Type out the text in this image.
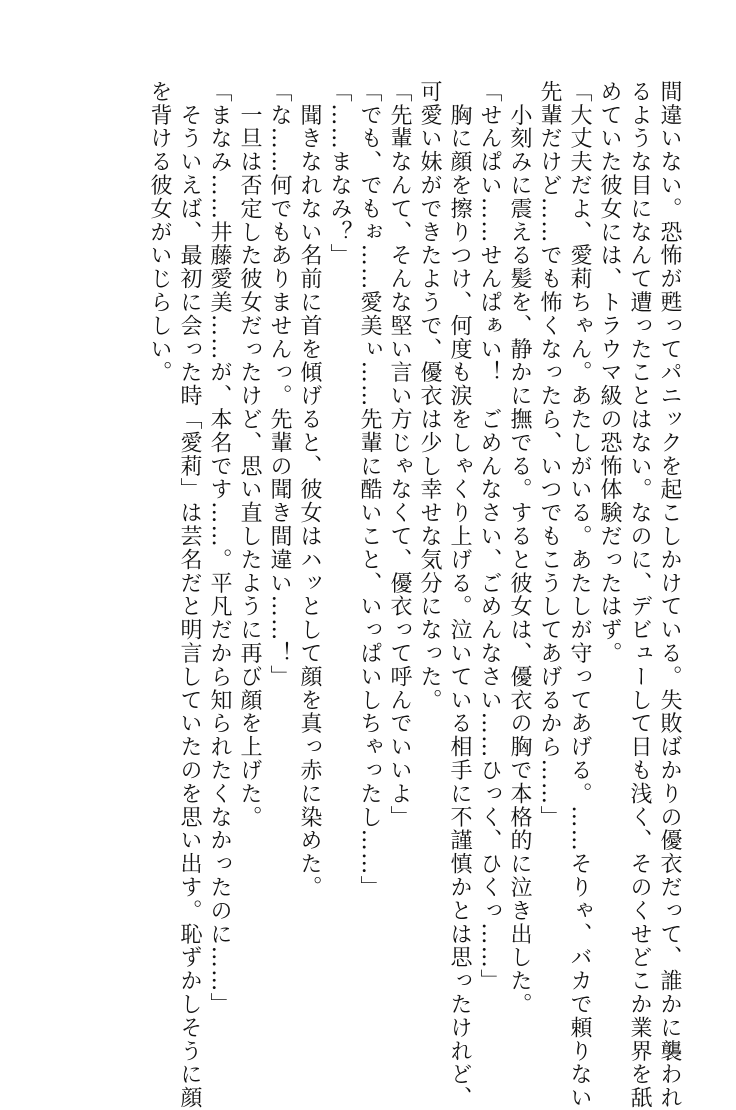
間違いない。恐怖が甦ってパニックを起こしかけている。失敗ばかりの優衣だって、誰かに襲われ

るような目になんて遭ったことはない。なのに、デビューして日も浅く、そのくせどこか業界を舐

めていた彼女には、トラウマ級の恐怖体験だったはず。

「大丈夫だよ、愛莉ちゃん。あたしがいる。あたしが守ってあげる。……そりゃ、バカで頼りない

先輩だけど……でも怖くなったら、いつでもこうしてあげるから……」

　小刻みに震える髪を、静かに撫でる。すると彼女は、優衣の胸で本格的に泣き出した。

「せんぱい……せんぱぁい！　ごめんなさい、ごめんなさい……ひっく、ひくっ……」

　胸に顔を擦りつけ、何度も涙をしゃくり上げる。泣いている相手に不謹慎かとは思ったけれど、

可愛い妹ができたようで、優衣は少し幸せな気分になった。

「先輩なんて、そんな堅い言い方じゃなくて、優衣って呼んでいいよ」

「でも、でもぉ……愛美ぃ……先輩に酷いこと、いっぱいしちゃったし……」

「……まなみ？」

　聞きなれない名前に首を傾げると、彼女はハッとして顔を真っ赤に染めた。

「な……何でもありませんっ。先輩の聞き間違い……！」

　一旦は否定した彼女だったけど、思い直したように再び顔を上げた。

「まなみ……井藤愛美……が、本名です……。平凡だから知られたくなかったのに……」

　そういえば、最初に会った時「愛莉」は芸名だと明言していたのを思い出す。恥ずかしそうに顔

を背ける彼女がいじらしい。
